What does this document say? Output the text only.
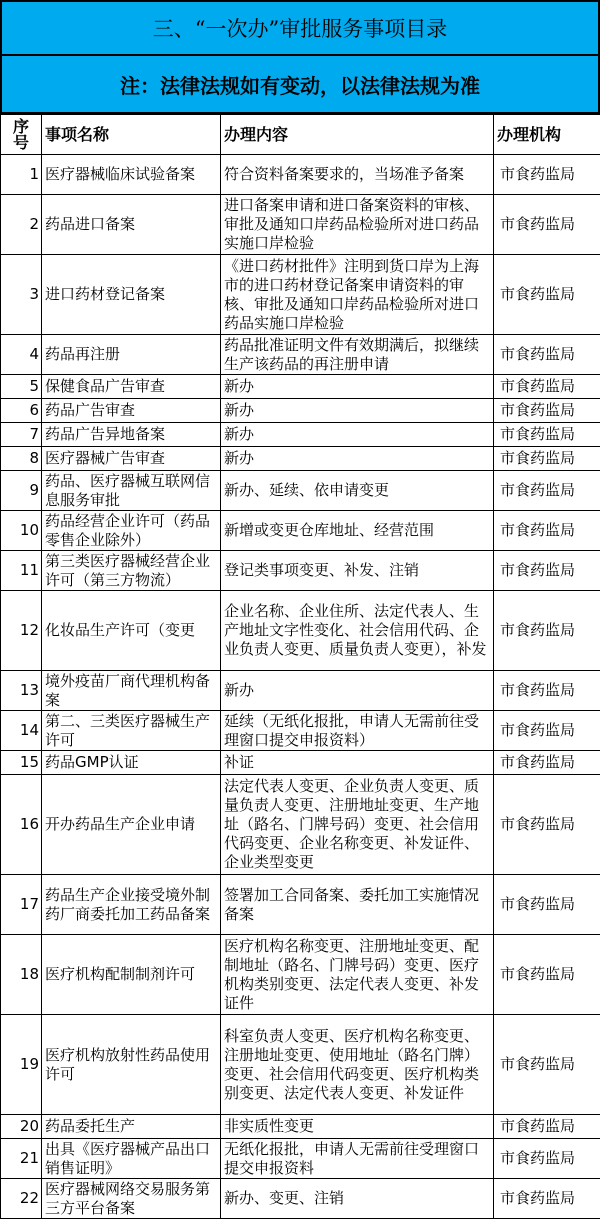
三、“一次办”审批服务事项目录
注：法律法规如有变动，以法律法规为准
序
号	事项名称	办理内容	办理机构
1	医疗器械临床试验备案	符合资料备案要求的，当场准予备案	市食药监局
2	药品进口备案	进口备案申请和进口备案资料的审核、审批及通知口岸药品检验所对进口药品实施口岸检验	市食药监局
3	进口药材登记备案	《进口药材批件》注明到货口岸为上海市的进口药材登记备案申请资料的审核、审批及通知口岸药品检验所对进口药品实施口岸检验	市食药监局
4	药品再注册	药品批准证明文件有效期满后，拟继续生产该药品的再注册申请	市食药监局
5	保健食品广告审查	新办	市食药监局
6	药品广告审查	新办	市食药监局
7	药品广告异地备案	新办	市食药监局
8	医疗器械广告审查	新办	市食药监局
9	药品、医疗器械互联网信息服务审批	新办、延续、依申请变更	市食药监局
10	药品经营企业许可（药品零售企业除外）	新增或变更仓库地址、经营范围	市食药监局
11	第三类医疗器械经营企业许可（第三方物流）	登记类事项变更、补发、注销	市食药监局
12	化妆品生产许可（变更	企业名称、企业住所、法定代表人、生产地址文字性变化、社会信用代码、企业负责人变更、质量负责人变更），补发	市食药监局
13	境外疫苗厂商代理机构备案	新办	市食药监局
14	第二、三类医疗器械生产许可	延续（无纸化报批，申请人无需前往受理窗口提交申报资料）	市食药监局
15	药品GMP认证	补证	市食药监局
16	开办药品生产企业申请	法定代表人变更、企业负责人变更、质量负责人变更、注册地址变更、生产地址（路名、门牌号码）变更、社会信用代码变更、企业名称变更、补发证件、企业类型变更	市食药监局
17	药品生产企业接受境外制药厂商委托加工药品备案	签署加工合同备案、委托加工实施情况备案	市食药监局
18	医疗机构配制制剂许可	医疗机构名称变更、注册地址变更、配制地址（路名、门牌号码）变更、医疗机构类别变更、法定代表人变更、补发证件	市食药监局
19	医疗机构放射性药品使用许可	科室负责人变更、医疗机构名称变更、注册地址变更、使用地址（路名门牌）变更、社会信用代码变更、医疗机构类别变更、法定代表人变更、补发证件	市食药监局
20	药品委托生产	非实质性变更	市食药监局
21	出具《医疗器械产品出口销售证明》	无纸化报批，申请人无需前往受理窗口提交申报资料	市食药监局
22	医疗器械网络交易服务第三方平台备案	新办、变更、注销	市食药监局
